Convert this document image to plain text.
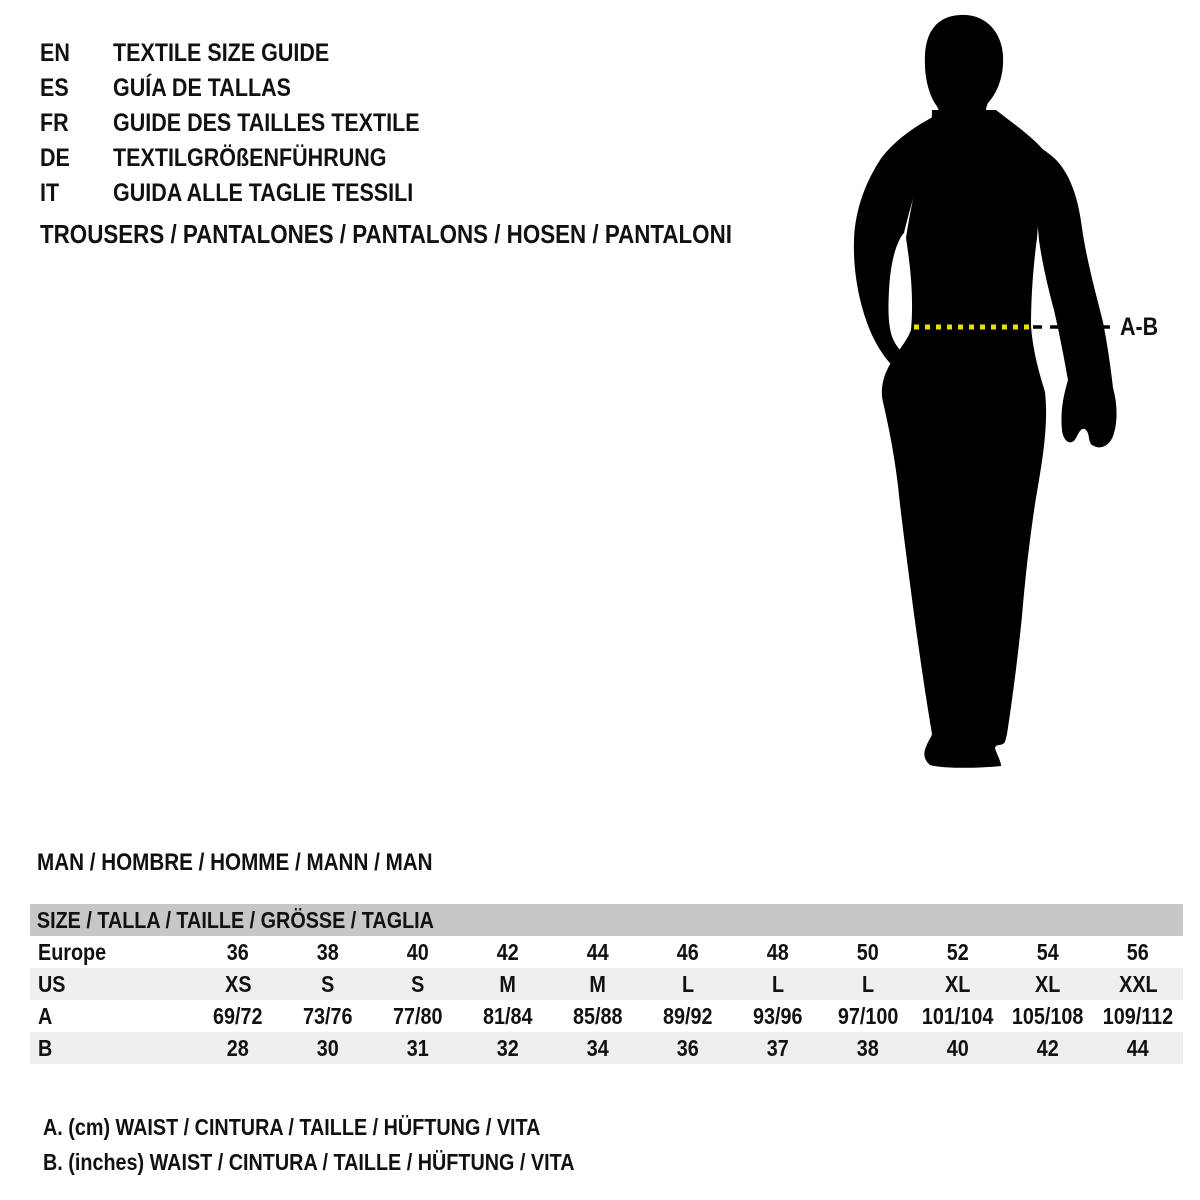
EN	TEXTILE SIZE GUIDE
ES	GUÍA DE TALLAS
FR	GUIDE DES TAILLES TEXTILE
DE	TEXTILGRÖßENFÜHRUNG
IT	GUIDA ALLE TAGLIE TESSILI
TROUSERS / PANTALONES / PANTALONS / HOSEN / PANTALONI
A-B
MAN / HOMBRE / HOMME / MANN / MAN
SIZE / TALLA / TAILLE / GRÖSSE / TAGLIA
Europe	36	38	40	42	44	46	48	50	52	54	56
US	XS	S	S	M	M	L	L	L	XL	XL	XXL
A	69/72	73/76	77/80	81/84	85/88	89/92	93/96	97/100	101/104 105/108 109/112
B	28	30	31	32	34	36	37	38	40	42	44
A. (cm) WAIST / CINTURA / TAILLE / HÜFTUNG / VITA
B. (inches) WAIST / CINTURA / TAILLE / HÜFTUNG / VITA
